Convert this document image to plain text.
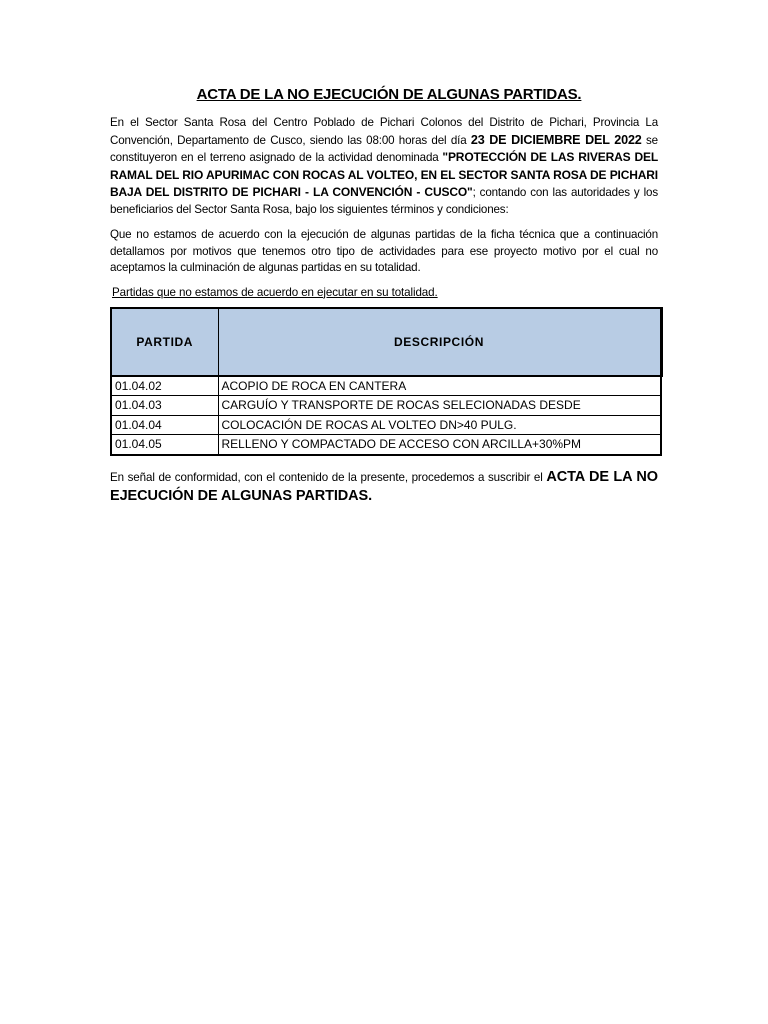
ACTA DE LA NO EJECUCIÓN DE ALGUNAS PARTIDAS.

En el Sector Santa Rosa del Centro Poblado de Pichari Colonos del Distrito de Pichari, Provincia La Convención, Departamento de Cusco, siendo las 08:00 horas del día 23 DE DICIEMBRE DEL 2022 se constituyeron en el terreno asignado de la actividad denominada "PROTECCIÓN DE LAS RIVERAS DEL RAMAL DEL RIO APURIMAC CON ROCAS AL VOLTEO, EN EL SECTOR SANTA ROSA DE PICHARI BAJA DEL DISTRITO DE PICHARI - LA CONVENCIÓN - CUSCO"; contando con las autoridades y los beneficiarios del Sector Santa Rosa, bajo los siguientes términos y condiciones:

Que no estamos de acuerdo con la ejecución de algunas partidas de la ficha técnica que a continuación detallamos por motivos que tenemos otro tipo de actividades para ese proyecto motivo por el cual no aceptamos la culminación de algunas partidas en su totalidad.

Partidas que no estamos de acuerdo en ejecutar en su totalidad.
PARTIDA	DESCRIPCIÓN
01.04.02	ACOPIO DE ROCA EN CANTERA
01.04.03	CARGUÍO Y TRANSPORTE DE ROCAS SELECIONADAS DESDE
01.04.04	COLOCACIÓN DE ROCAS AL VOLTEO DN>40 PULG.
01.04.05	RELLENO Y COMPACTADO DE ACCESO CON ARCILLA+30%PM

En señal de conformidad, con el contenido de la presente, procedemos a suscribir el ACTA DE LA NO EJECUCIÓN DE ALGUNAS PARTIDAS.
